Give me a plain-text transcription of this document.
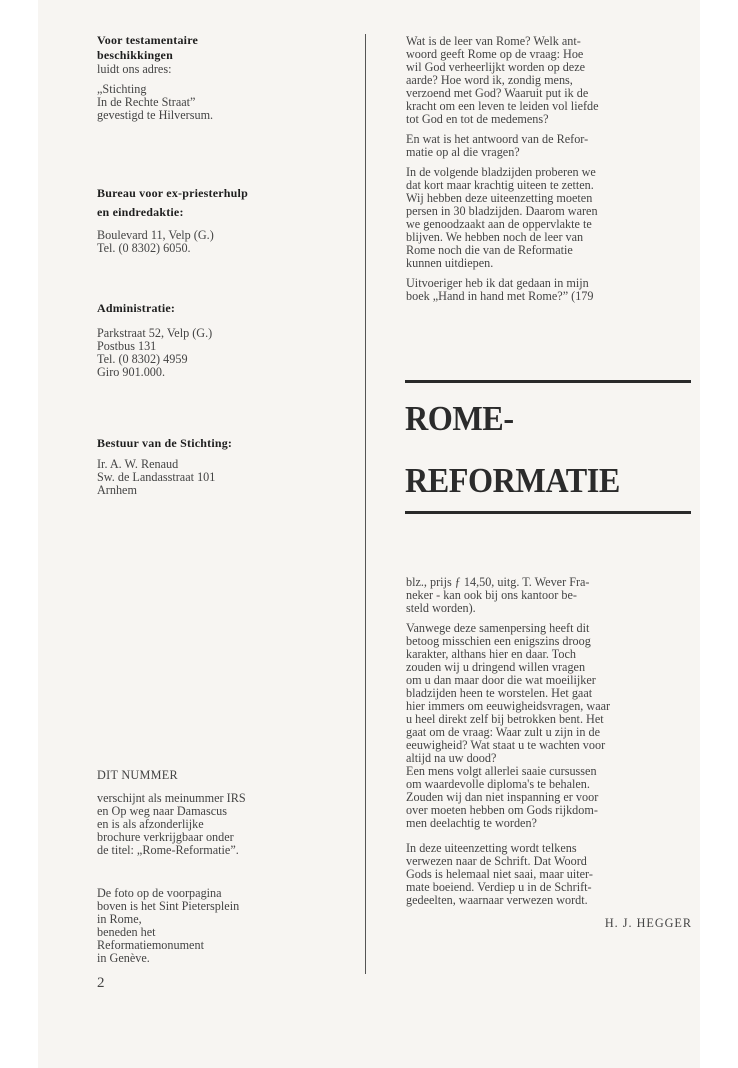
Voor testamentaire
beschikkingen
luidt ons adres:
„Stichting
In de Rechte Straat”
gevestigd te Hilversum.
Bureau voor ex-priesterhulp
en eindredaktie:
Boulevard 11, Velp (G.)
Tel. (0 8302) 6050.
Administratie:
Parkstraat 52, Velp (G.)
Postbus 131
Tel. (0 8302) 4959
Giro 901.000.
Bestuur van de Stichting:
Ir. A. W. Renaud
Sw. de Landasstraat 101
Arnhem
DIT NUMMER
verschijnt als meinummer IRS
en Op weg naar Damascus
en is als afzonderlijke
brochure verkrijgbaar onder
de titel: „Rome-Reformatie”.
De foto op de voorpagina
boven is het Sint Pietersplein
in Rome,
beneden het
Reformatiemonument
in Genève.
2

Wat is de leer van Rome? Welk ant-
woord geeft Rome op de vraag: Hoe
wil God verheerlijkt worden op deze
aarde? Hoe word ik, zondig mens,
verzoend met God? Waaruit put ik de
kracht om een leven te leiden vol liefde
tot God en tot de medemens?

En wat is het antwoord van de Refor-
matie op al die vragen?

In de volgende bladzijden proberen we
dat kort maar krachtig uiteen te zetten.
Wij hebben deze uiteenzetting moeten
persen in 30 bladzijden. Daarom waren
we genoodzaakt aan de oppervlakte te
blijven. We hebben noch de leer van
Rome noch die van de Reformatie
kunnen uitdiepen.

Uitvoeriger heb ik dat gedaan in mijn
boek „Hand in hand met Rome?” (179

ROME-
REFORMATIE

blz., prijs ƒ 14,50, uitg. T. Wever Fra-
neker - kan ook bij ons kantoor be-
steld worden).

Vanwege deze samenpersing heeft dit
betoog misschien een enigszins droog
karakter, althans hier en daar. Toch
zouden wij u dringend willen vragen
om u dan maar door die wat moeilijker
bladzijden heen te worstelen. Het gaat
hier immers om eeuwigheidsvragen, waar
u heel direkt zelf bij betrokken bent. Het
gaat om de vraag: Waar zult u zijn in de
eeuwigheid? Wat staat u te wachten voor
altijd na uw dood?
Een mens volgt allerlei saaie cursussen
om waardevolle diploma's te behalen.
Zouden wij dan niet inspanning er voor
over moeten hebben om Gods rijkdom-
men deelachtig te worden?

In deze uiteenzetting wordt telkens
verwezen naar de Schrift. Dat Woord
Gods is helemaal niet saai, maar uiter-
mate boeiend. Verdiep u in de Schrift-
gedeelten, waarnaar verwezen wordt.

H. J. HEGGER
